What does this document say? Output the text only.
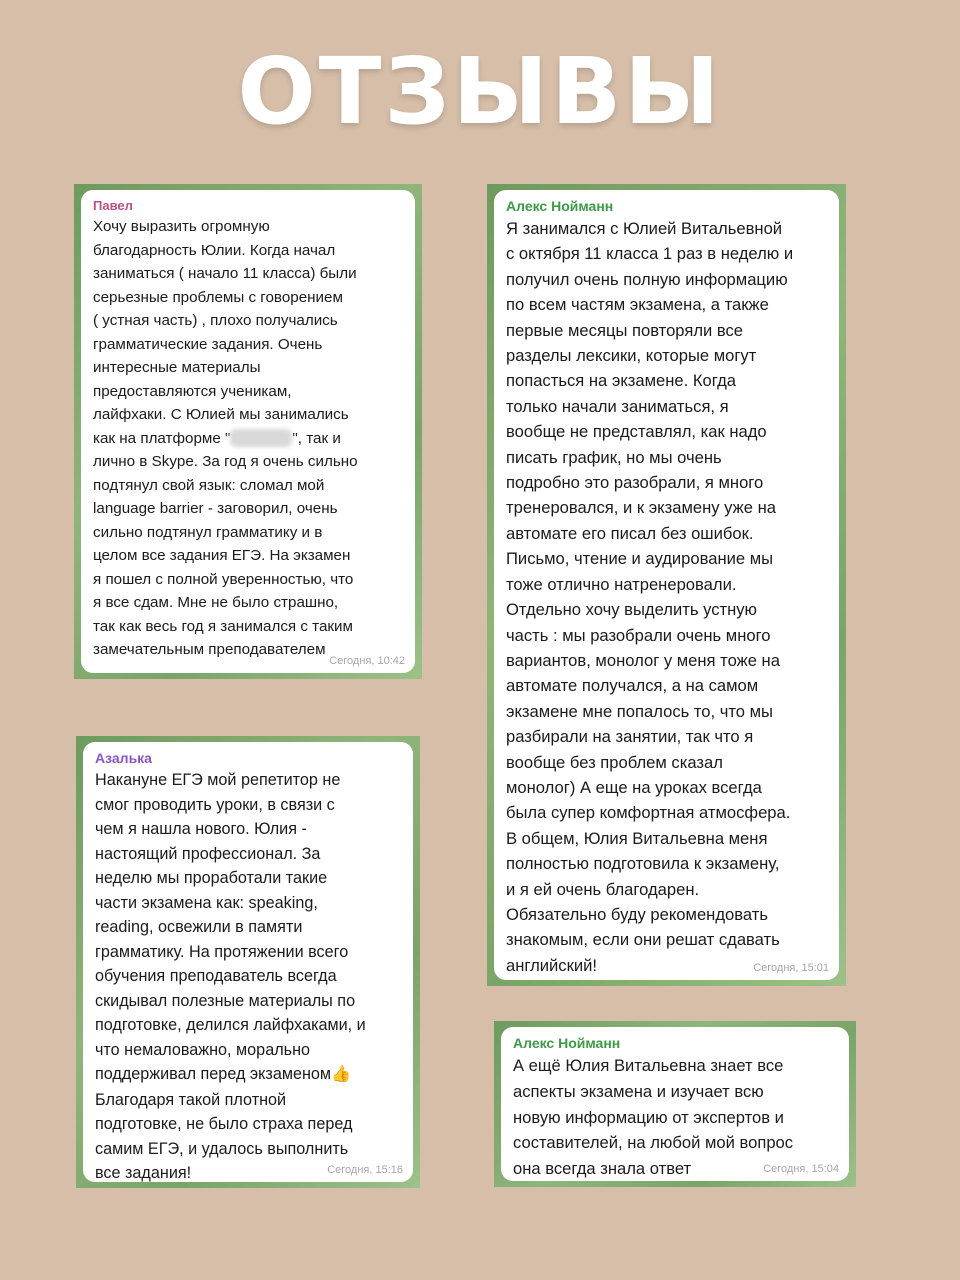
ОТЗЫВЫ
Павел

Хочу выразить огромную
благодарность Юлии. Когда начал
заниматься ( начало 11 класса) были
серьезные проблемы с говорением
( устная часть) , плохо получались
грамматические задания. Очень
интересные материалы
предоставляются ученикам,
лайфхаки. С Юлией мы занимались
как на платформе "	", так и
лично в Skype. За год я очень сильно
подтянул свой язык: сломал мой
language barrier - заговорил, очень
сильно подтянул грамматику и в
целом все задания ЕГЭ. На экзамен
я пошел с полной уверенностью, что
я все сдам. Мне не было страшно,
так как весь год я занимался с таким
замечательным преподавателем

Сегодня, 10:42
Азалька

Накануне ЕГЭ мой репетитор не
смог проводить уроки, в связи с
чем я нашла нового. Юлия -
настоящий профессионал. За
неделю мы проработали такие
части экзамена как: speaking,
reading, освежили в памяти
грамматику. На протяжении всего
обучения преподаватель всегда
скидывал полезные материалы по
подготовке, делился лайфхаками, и
что немаловажно, морально
поддерживал перед экзаменом👍
Благодаря такой плотной
подготовке, не было страха перед
самим ЕГЭ, и удалось выполнить
все задания!	Сегодня, 15:16
Алекс Нойманн

Я занимался с Юлией Витальевной
с октября 11 класса 1 раз в неделю и
получил очень полную информацию
по всем частям экзамена, а также
первые месяцы повторяли все
разделы лексики, которые могут
попасться на экзамене. Когда
только начали заниматься, я
вообще не представлял, как надо
писать график, но мы очень
подробно это разобрали, я много
тренеровался, и к экзамену уже на
автомате его писал без ошибок.
Письмо, чтение и аудирование мы
тоже отлично натренеровали.
Отдельно хочу выделить устную
часть : мы разобрали очень много
вариантов, монолог у меня тоже на
автомате получался, а на самом
экзамене мне попалось то, что мы
разбирали на занятии, так что я
вообще без проблем сказал
монолог) А еще на уроках всегда
была супер комфортная атмосфера.
В общем, Юлия Витальевна меня
полностью подготовила к экзамену,
и я ей очень благодарен.
Обязательно буду рекомендовать
знакомым, если они решат сдавать
английский!	Сегодня, 15:01
Алекс Нойманн

А ещё Юлия Витальевна знает все
аспекты экзамена и изучает всю
новую информацию от экспертов и
составителей, на любой мой вопрос
она всегда знала ответ	Сегодня, 15:04
